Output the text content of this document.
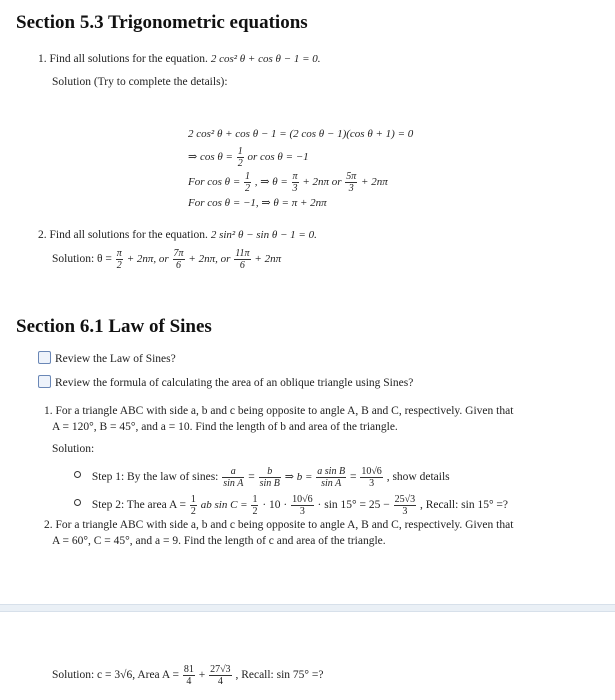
Section 5.3 Trigonometric equations
1. Find all solutions for the equation. 2 cos² θ + cos θ − 1 = 0.
Solution (Try to complete the details):
2 cos² θ + cos θ − 1 = (2 cos θ − 1)(cos θ + 1) = 0
⇒ $\cos \theta = \frac{1}{2}$ or cos θ = −1
For $\cos \theta = \frac{1}{2}$ , ⇒ $\theta = \frac{\pi}{3} + 2n\pi$ or $\frac{5\pi}{3} + 2n\pi$
For cos θ = −1, ⇒ θ = π + 2nπ
2. Find all solutions for the equation. 2 sin² θ − sin θ − 1 = 0.
Solution: $\theta = \frac{\pi}{2} + 2n\pi$, or $\frac{7\pi}{6} + 2n\pi$, or $\frac{11\pi}{6} + 2n\pi$
Section 6.1 Law of Sines
Review the Law of Sines?
Review the formula of calculating the area of an oblique triangle using Sines?
1. For a triangle ABC with side a, b and c being opposite to angle A, B and C, respectively. Given that
A = 120°, B = 45°, and a = 10. Find the length of b and area of the triangle.
Solution:
Step 1: By the law of sines: $\frac{a}{\text{sin A}} = \frac{b}{\text{sin B}}$ ⇒ $b = \frac{\text{a sin B}}{\text{sin A}} = \frac{10√6}{3}$ , show details
Step 2: The area $A = \frac{1}{2}$ ab $\sin C = \frac{1}{2} \cdot 10 \cdot \frac{10√6}{3} \cdot \sin 15^\circ = 25 - \frac{25√3}{3}$ , Recall: sin 15° =?
2. For a triangle ABC with side a, b and c being opposite to angle A, B and C, respectively. Given that
A = 60°, C = 45°, and a = 9. Find the length of c and area of the triangle.
Solution: c = 3√6, Area $A = \frac{81}{4} + \frac{27√3}{4}$ , Recall: sin 75° =?
